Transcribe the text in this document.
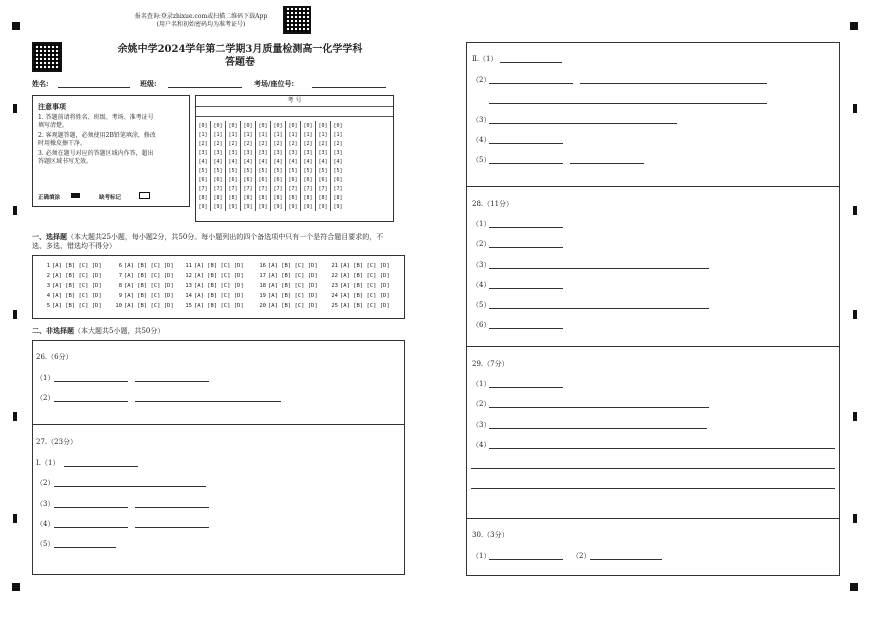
报名查询:登录zhixue.com或扫描二维码下载App
(用户名和初始密码均为准考证号)
余姚中学2024学年第二学期3月质量检测高一化学学科
答题卷
姓名:	班级:	考场/座位号:
注意事项
1. 答题前请将姓名、班级、考场、准考证号填写清楚。
2. 客观题答题，必须使用2B铅笔填涂，修改时用橡皮擦干净。
3. 必须在题号对应的答题区域内作答，超出答题区域书写无效。
正确填涂	缺考标记
考 号
[0]	[0]	[0]	[0]	[0]	[0]	[0]	[0]	[0]	[0]
[1]	[1]	[1]	[1]	[1]	[1]	[1]	[1]	[1]	[1]
[2]	[2]	[2]	[2]	[2]	[2]	[2]	[2]	[2]	[2]
[3]	[3]	[3]	[3]	[3]	[3]	[3]	[3]	[3]	[3]
[4]	[4]	[4]	[4]	[4]	[4]	[4]	[4]	[4]	[4]
[5]	[5]	[5]	[5]	[5]	[5]	[5]	[5]	[5]	[5]
[6]	[6]	[6]	[6]	[6]	[6]	[6]	[6]	[6]	[6]
[7]	[7]	[7]	[7]	[7]	[7]	[7]	[7]	[7]	[7]
[8]	[8]	[8]	[8]	[8]	[8]	[8]	[8]	[8]	[8]
[9]	[9]	[9]	[9]	[9]	[9]	[9]	[9]	[9]	[9]
一、选择题（本大题共25小题，每小题2分，共50分。每小题列出的四个备选项中只有一个是符合题目要求的，不选、多选、错选均不得分）
1 [A] [B] [C] [D]	6 [A] [B] [C] [D]	11 [A] [B] [C] [D]	16 [A] [B] [C] [D]	21 [A] [B] [C] [D]
2 [A] [B] [C] [D]	7 [A] [B] [C] [D]	12 [A] [B] [C] [D]	17 [A] [B] [C] [D]	22 [A] [B] [C] [D]
3 [A] [B] [C] [D]	8 [A] [B] [C] [D]	13 [A] [B] [C] [D]	18 [A] [B] [C] [D]	23 [A] [B] [C] [D]
4 [A] [B] [C] [D]	9 [A] [B] [C] [D]	14 [A] [B] [C] [D]	19 [A] [B] [C] [D]	24 [A] [B] [C] [D]
5 [A] [B] [C] [D]	10 [A] [B] [C] [D]	15 [A] [B] [C] [D]	20 [A] [B] [C] [D]	25 [A] [B] [C] [D]
二、非选择题（本大题共5小题，共50分）
26.（6分）
（1）
（2）
27.（23分）
Ⅰ.（1）
（2）
（3）
（4）
（5）
Ⅱ.（1）
（2）
（3）
（4）
（5）
28.（11分）
（1）
（2）
（3）
（4）
（5）
（6）
29.（7分）
（1）
（2）
（3）
（4）
30.（3分）
（1）	（2）
